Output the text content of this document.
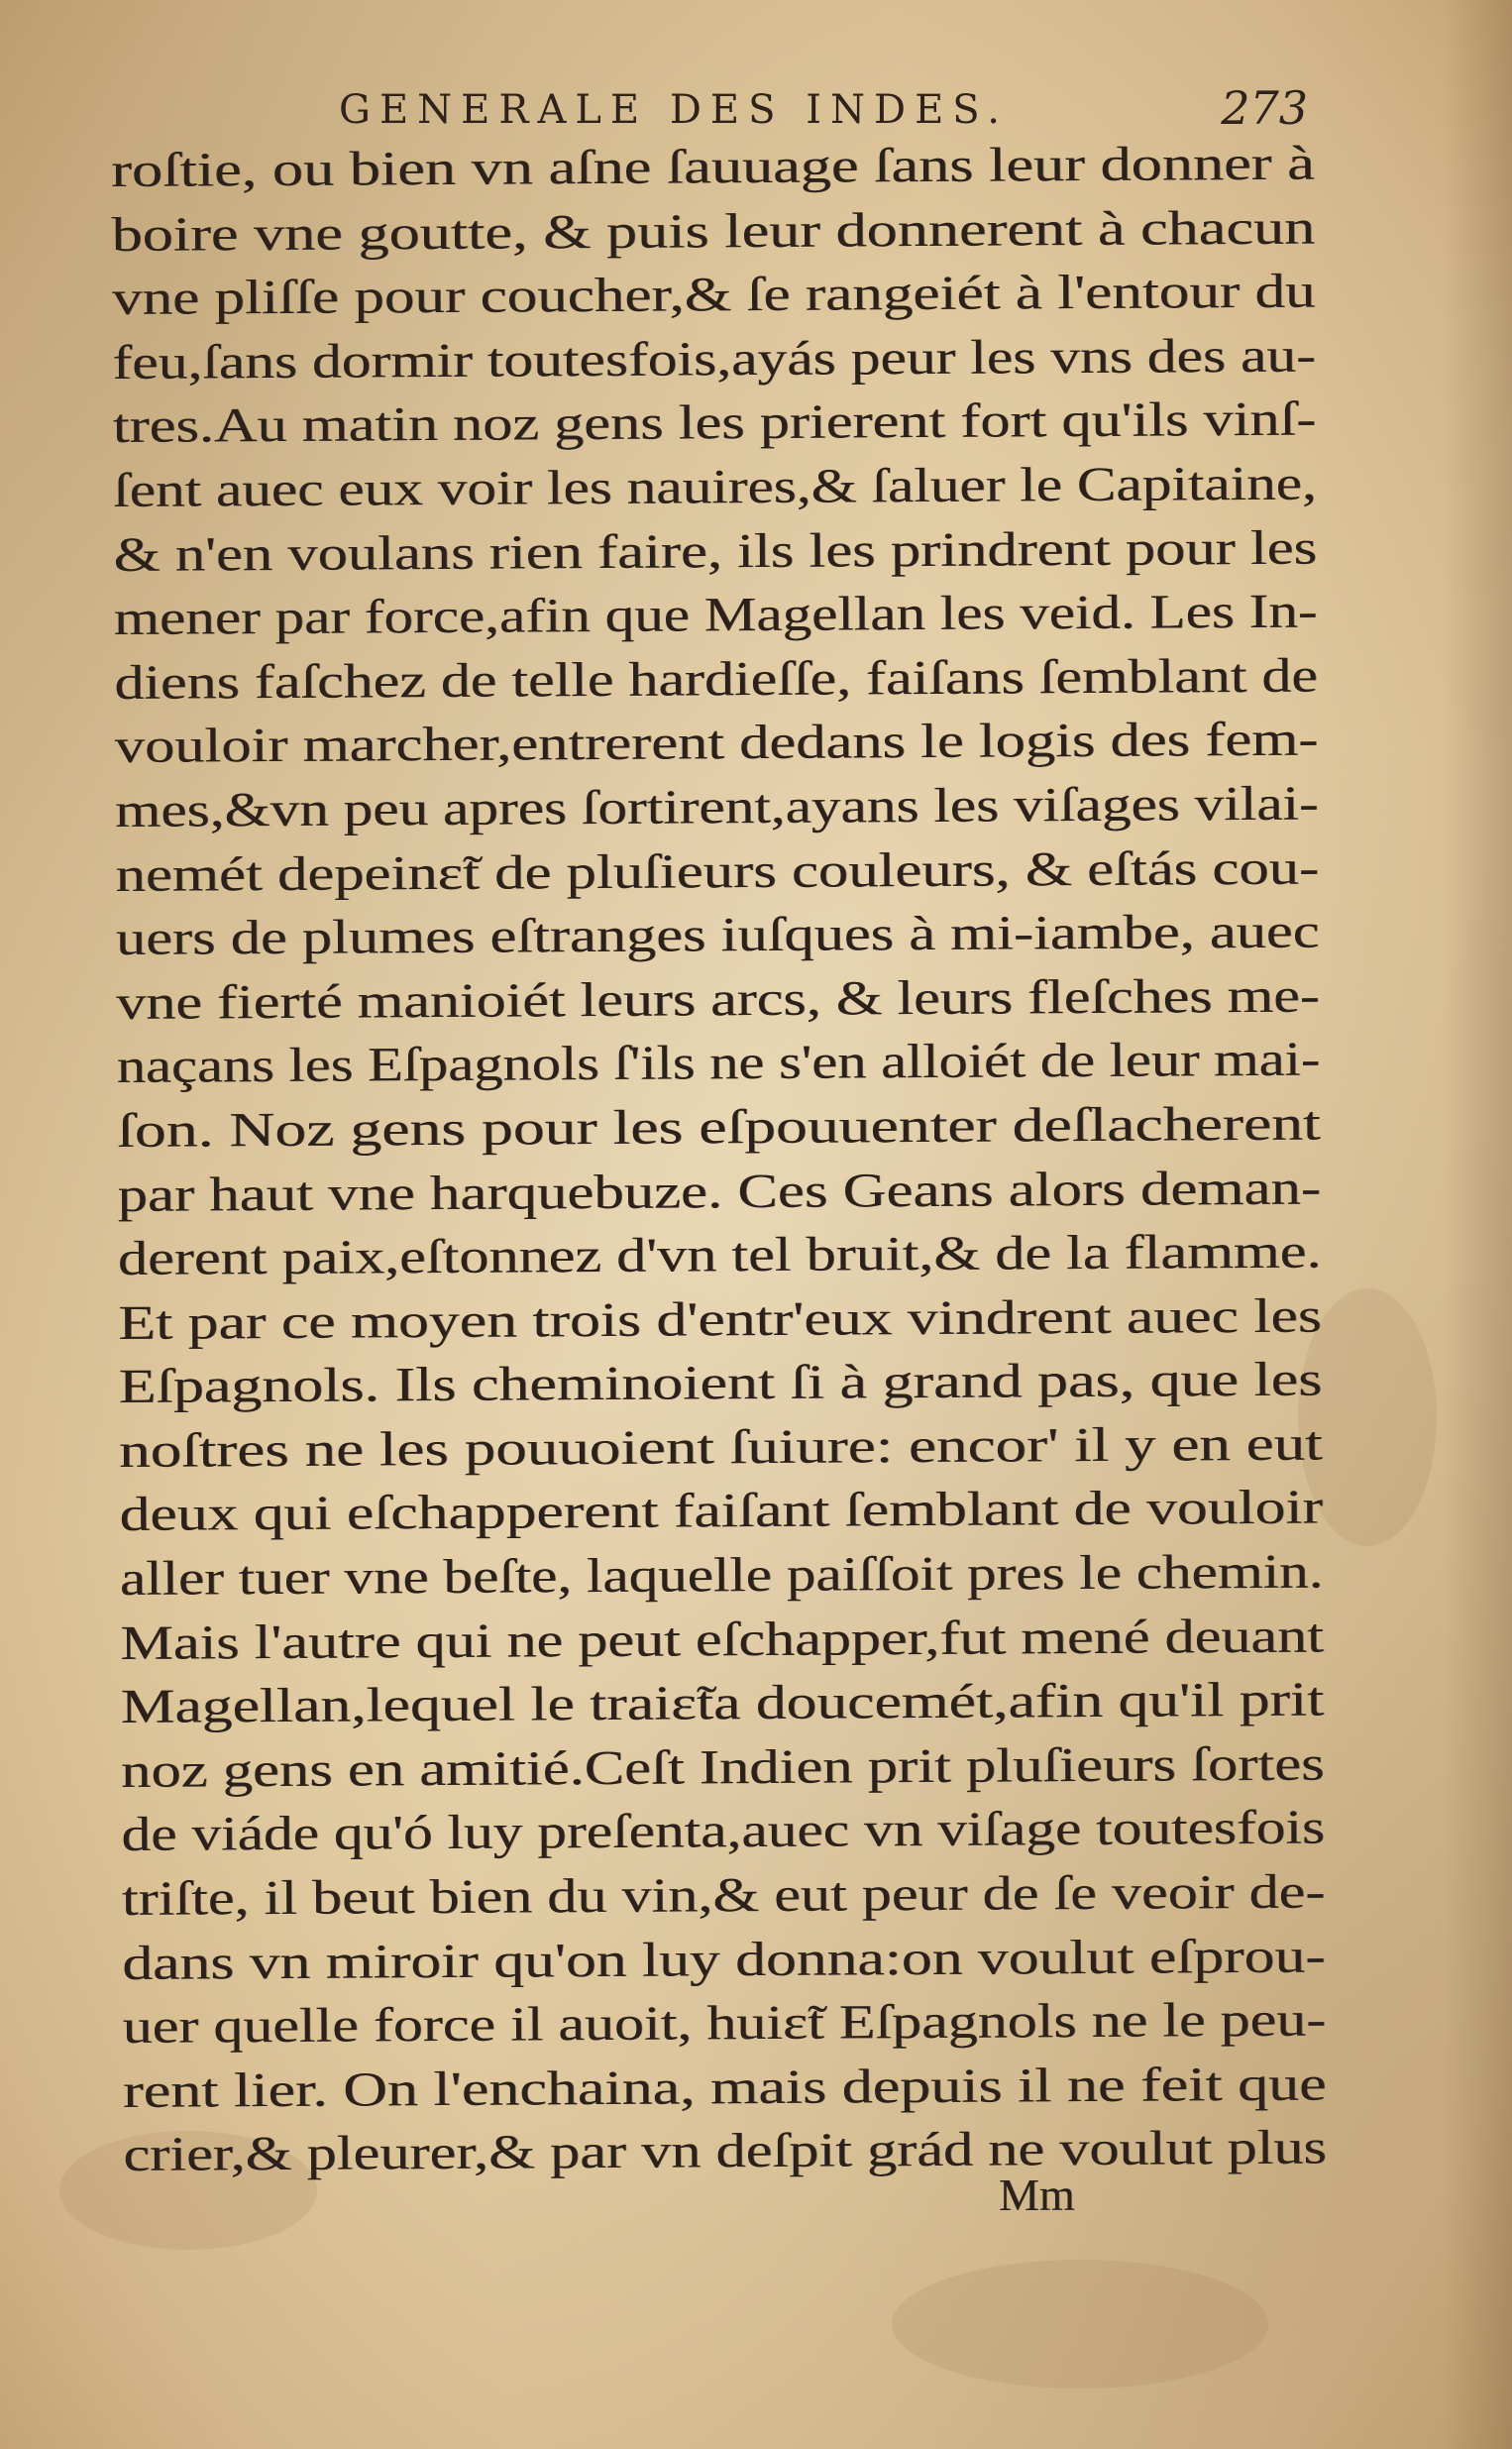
GENERALE DES INDES.	273
roſtie, ou bien vn aſne ſauuage ſans leur donner à
boire vne goutte, & puis leur donnerent à chacun
vne pliſſe pour coucher,& ſe rangeiét à l'entour du
feu,ſans dormir toutesfois,ayás peur les vns des au-
tres.Au matin noz gens les prierent fort qu'ils vinſ-
ſent auec eux voir les nauires,& ſaluer le Capitaine,
& n'en voulans rien faire, ils les prindrent pour les
mener par force,afin que Magellan les veid. Les In-
diens faſchez de telle hardieſſe, faiſans ſemblant de
vouloir marcher,entrerent dedans le logis des fem-
mes,&vn peu apres ſortirent,ayans les viſages vilai-
nemét depeinɛ̃t de pluſieurs couleurs, & eſtás cou-
uers de plumes eſtranges iuſques à mi-iambe, auec
vne fierté manioiét leurs arcs, & leurs fleſches me-
naçans les Eſpagnols ſ'ils ne s'en alloiét de leur mai-
ſon. Noz gens pour les eſpouuenter deſlacherent
par haut vne harquebuze. Ces Geans alors deman-
derent paix,eſtonnez d'vn tel bruit,& de la flamme.
Et par ce moyen trois d'entr'eux vindrent auec les
Eſpagnols. Ils cheminoient ſi à grand pas, que les
noſtres ne les pouuoient ſuiure: encor' il y en eut
deux qui eſchapperent faiſant ſemblant de vouloir
aller tuer vne beſte, laquelle paiſſoit pres le chemin.
Mais l'autre qui ne peut eſchapper,fut mené deuant
Magellan,lequel le traiɛ̃ta doucemét,afin qu'il prit
noz gens en amitié.Ceſt Indien prit pluſieurs ſortes
de viáde qu'ó luy preſenta,auec vn viſage toutesfois
triſte, il beut bien du vin,& eut peur de ſe veoir de-
dans vn miroir qu'on luy donna:on voulut eſprou-
uer quelle force il auoit, huiɛ̃t Eſpagnols ne le peu-
rent lier. On l'enchaina, mais depuis il ne feit que
crier,& pleurer,& par vn deſpit grád ne voulut plus
Mm
